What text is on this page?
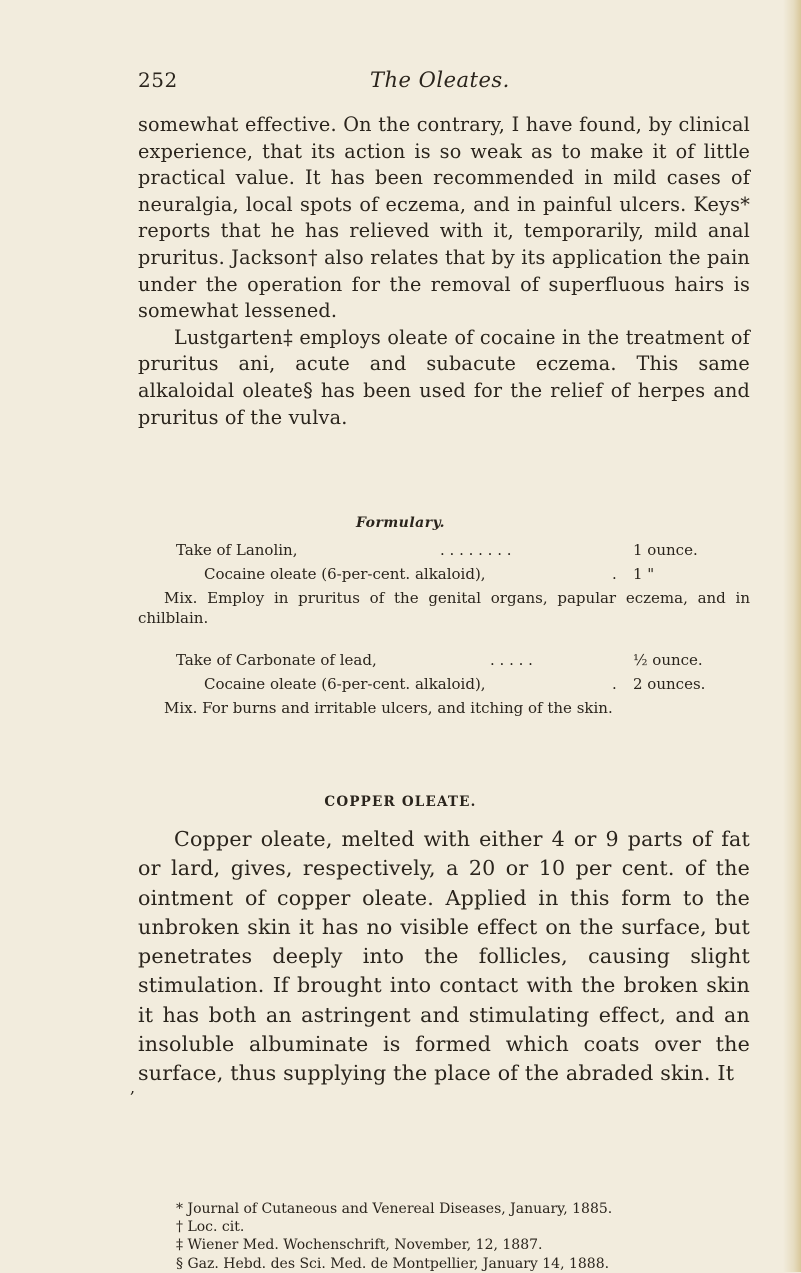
252	The Oleates.

somewhat effective. On the contrary, I have found, by clinical experience, that its action is so weak as to make it of little practical value. It has been recommended in mild cases of neuralgia, local spots of eczema, and in painful ulcers. Keys* reports that he has relieved with it, temporarily, mild anal pruritus. Jackson† also relates that by its application the pain under the operation for the removal of superfluous hairs is somewhat lessened.

Lustgarten‡ employs oleate of cocaine in the treatment of pruritus ani, acute and subacute eczema. This same alkaloidal oleate§ has been used for the relief of herpes and pruritus of the vulva.

Formulary.
Take of Lanolin,	. . . . . . . .	1 ounce.
Cocaine oleate (6-per-cent. alkaloid),	. 1 "
Mix. Employ in pruritus of the genital organs, papular eczema, and in chilblain.
Take of Carbonate of lead,	. . . . .	½ ounce.
Cocaine oleate (6-per-cent. alkaloid),	. 2 ounces.
Mix. For burns and irritable ulcers, and itching of the skin.
COPPER OLEATE.

Copper oleate, melted with either 4 or 9 parts of fat or lard, gives, respectively, a 20 or 10 per cent. of the ointment of copper oleate. Applied in this form to the unbroken skin it has no visible effect on the surface, but penetrates deeply into the follicles, causing slight stimulation. If brought into contact with the broken skin it has both an astringent and stimulating effect, and an insoluble albuminate is formed which coats over the surface, thus supplying the place of the abraded skin. It

,
* Journal of Cutaneous and Venereal Diseases, January, 1885.
† Loc. cit.
‡ Wiener Med. Wochenschrift, November, 12, 1887.
§ Gaz. Hebd. des Sci. Med. de Montpellier, January 14, 1888.
